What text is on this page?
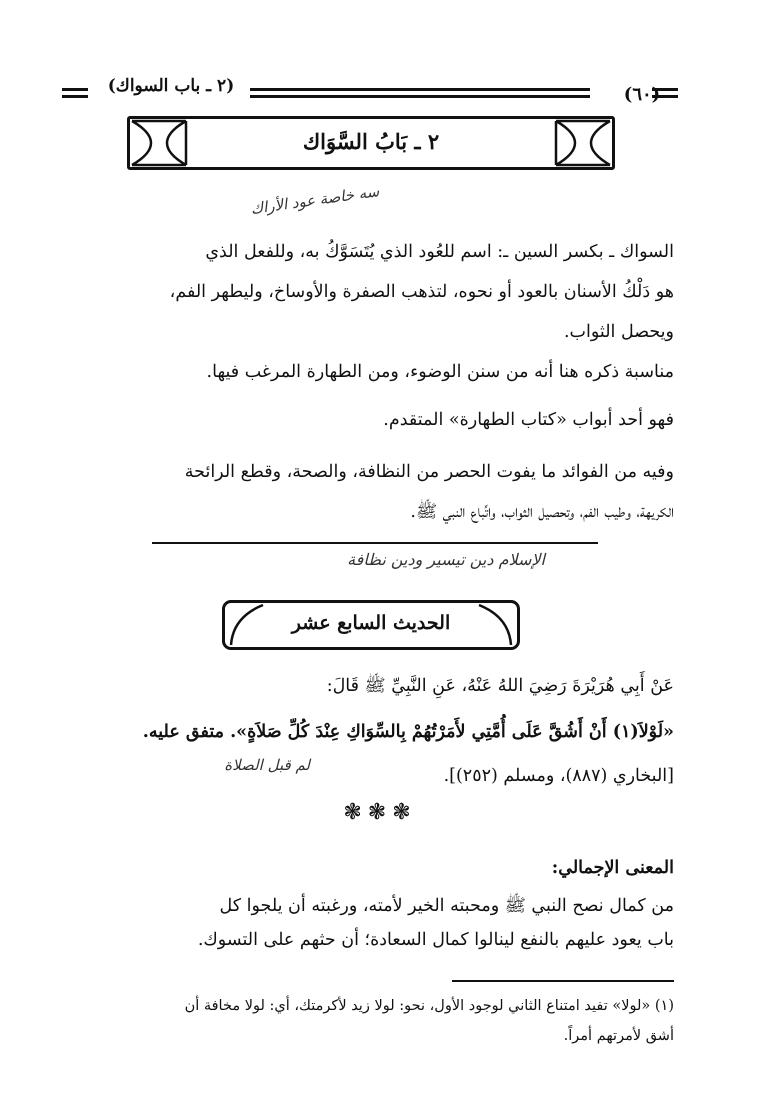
(٢ ـ باب السواك)	(٦٠
٢ ـ بَابُ السَّوَاك
سه خاصة عود الأراك
السواك ـ بكسر السين ـ: اسم للعُود الذي يُتَسَوَّكُ به، وللفعل الذي
هو دَلْكُ الأسنان بالعود أو نحوه، لتذهب الصفرة والأوساخ، وليطهر الفم،
ويحصل الثواب.
مناسبة ذكره هنا أنه من سنن الوضوء، ومن الطهارة المرغب فيها.
فهو أحد أبواب «كتاب الطهارة» المتقدم.
وفيه من الفوائد ما يفوت الحصر من النظافة، والصحة، وقطع الرائحة
الكريهة، وطيب الفم، وتحصيل الثواب، واتِّباع النبي ﷺ.
الإسلام دين تيسير ودين نظافة
الحديث السابع عشر
عَنْ أَبِي هُرَيْرَةَ رَضِيَ اللهُ عَنْهُ، عَنِ النَّبِيِّ ﷺ قَالَ:
«لَوْلاَ(١) أَنْ أَشُقَّ عَلَى أُمَّتِي لأَمَرْتُهُمْ بِالسِّوَاكِ عِنْدَ كُلِّ صَلاَةٍ». متفق عليه.
[البخاري (٨٨٧)، ومسلم (٢٥٢)].
لم قبل الصلاة
❃❃❃
المعنى الإجمالي:
من كمال نصح النبي ﷺ ومحبته الخير لأمته، ورغبته أن يلجوا كل
باب يعود عليهم بالنفع لينالوا كمال السعادة؛ أن حثهم على التسوك.
(١) «لولا» تفيد امتناع الثاني لوجود الأول، نحو: لولا زيد لأكرمتك، أي: لولا مخافة أن
أشق لأمرتهم أمراً.
